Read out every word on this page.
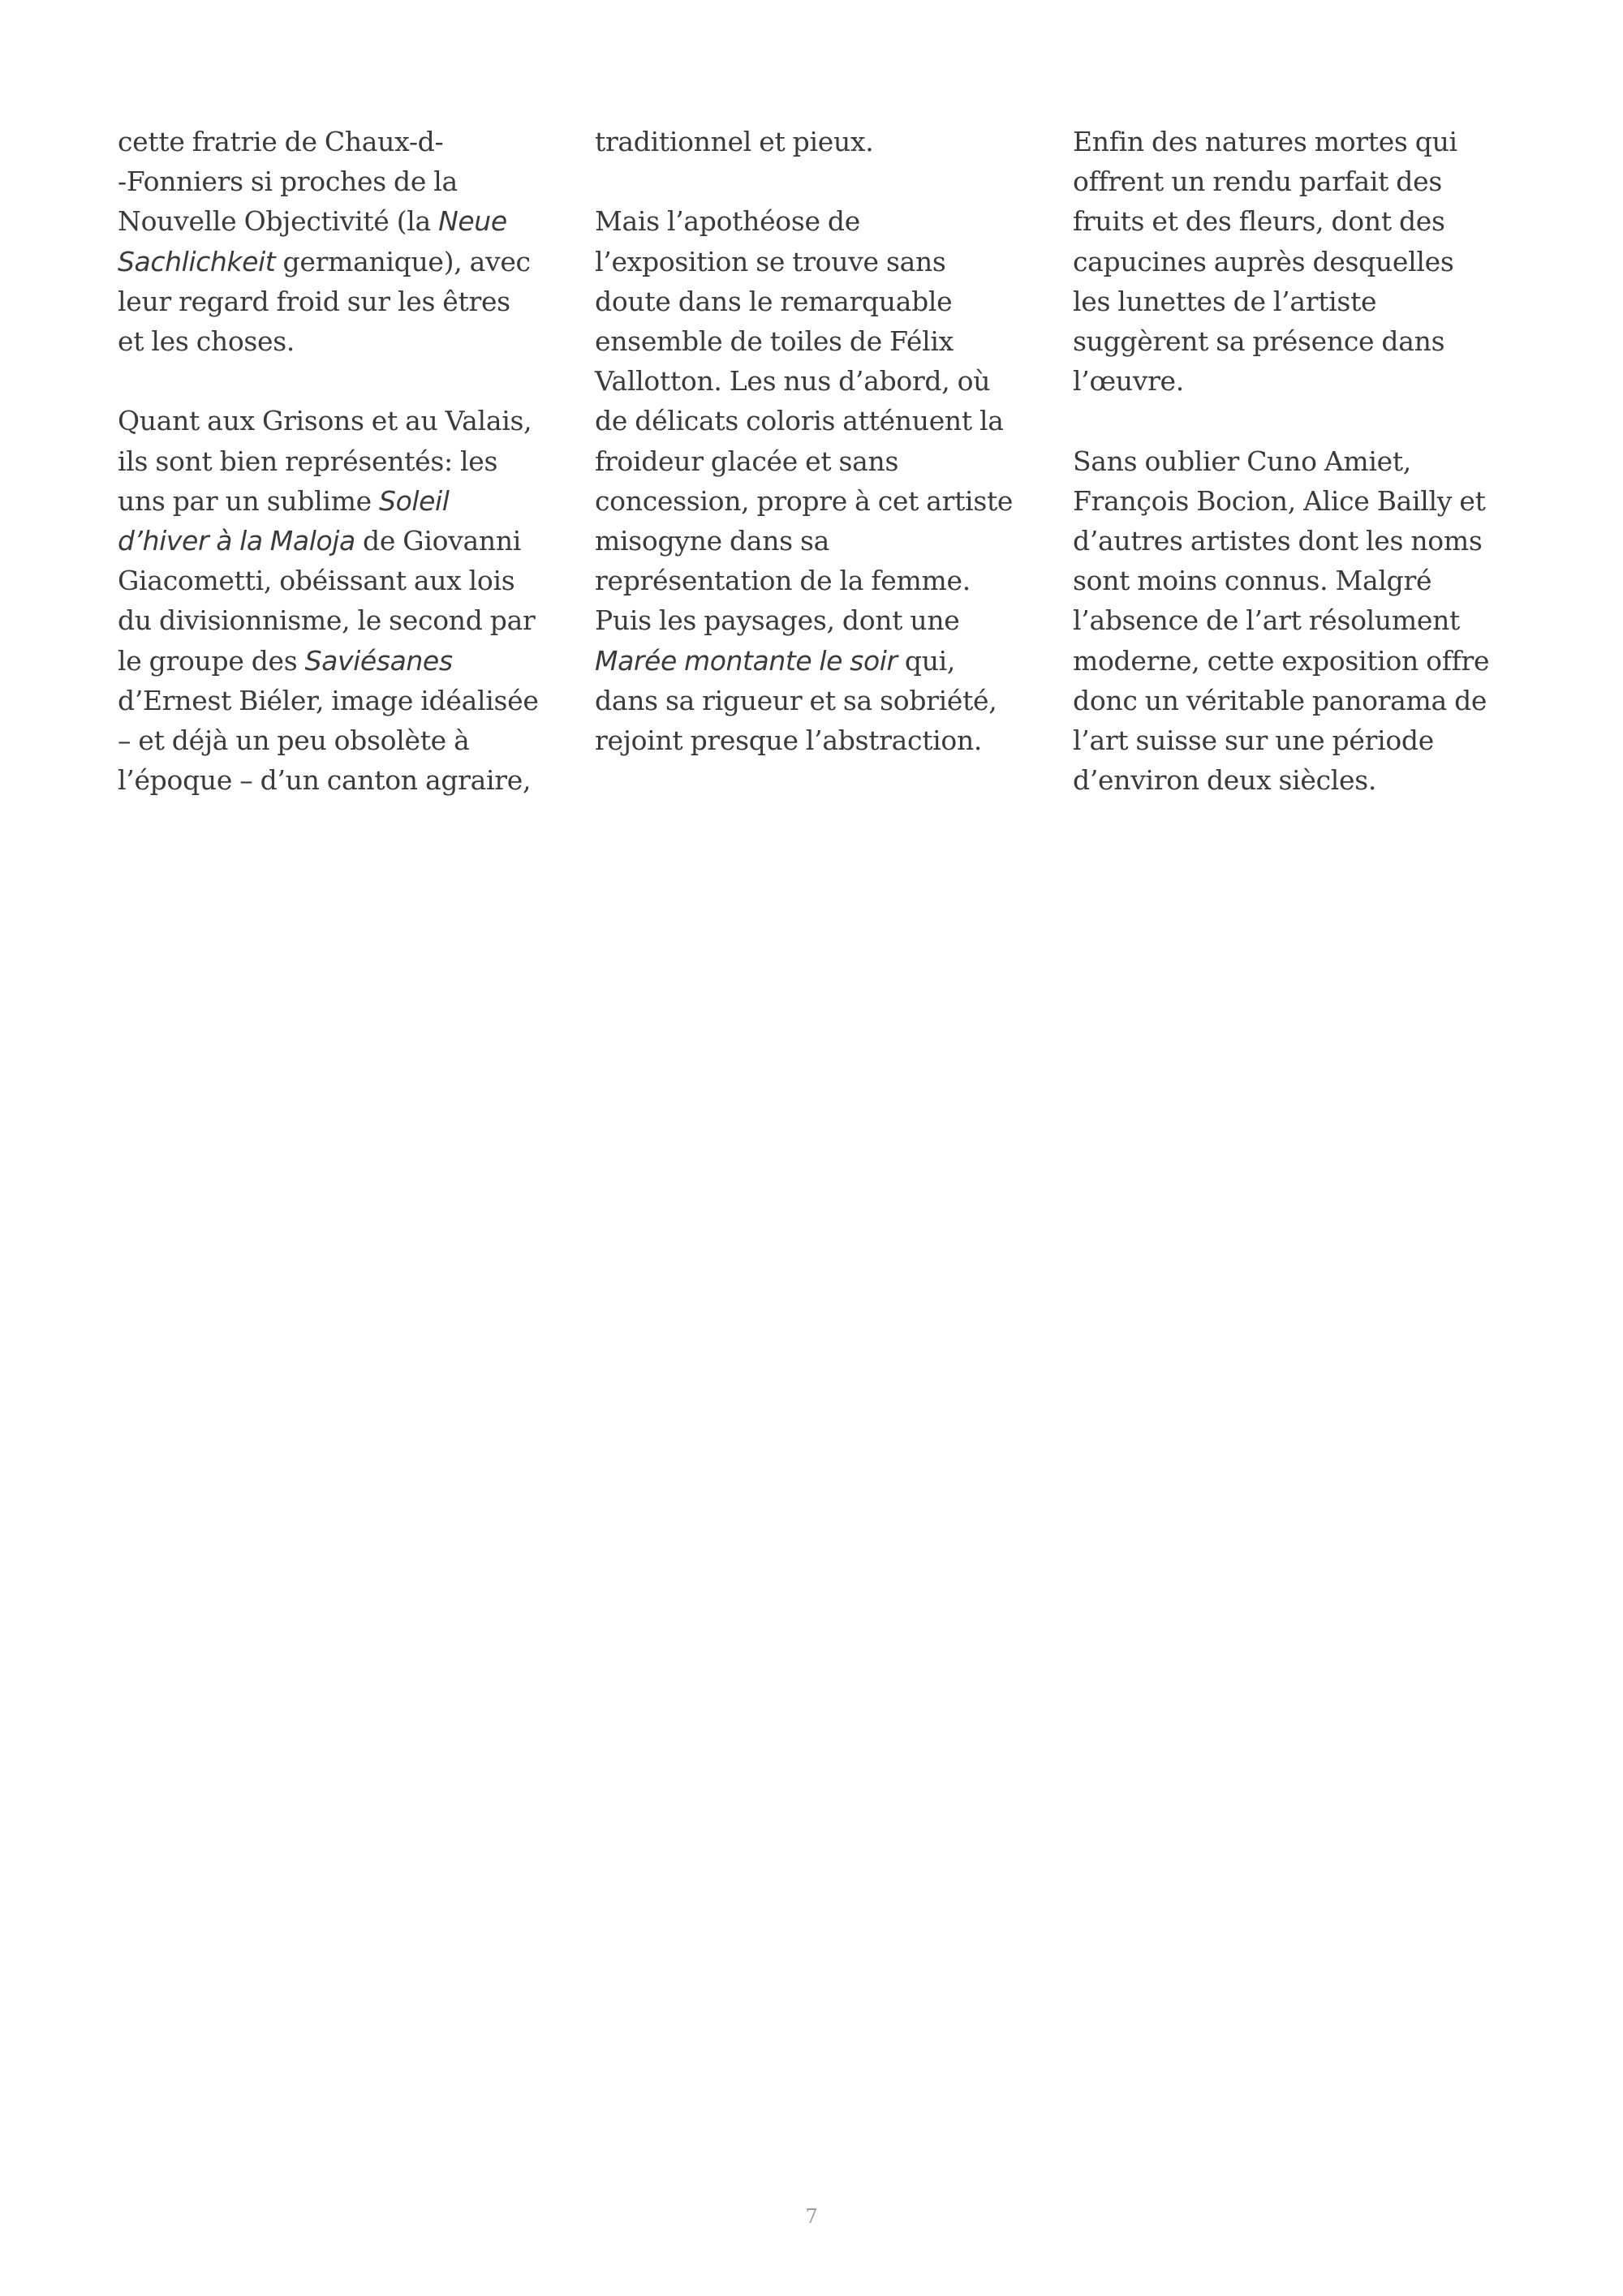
cette fratrie de Chaux-d-
-Fonniers si proches de la
Nouvelle Objectivité (la Neue
Sachlichkeit germanique), avec
leur regard froid sur les êtres
et les choses.

Quant aux Grisons et au Valais,
ils sont bien représentés: les
uns par un sublime Soleil
d’hiver à la Maloja de Giovanni
Giacometti, obéissant aux lois
du divisionnisme, le second par
le groupe des Saviésanes
d’Ernest Biéler, image idéalisée
– et déjà un peu obsolète à
l’époque – d’un canton agraire,

traditionnel et pieux.

Mais l’apothéose de
l’exposition se trouve sans
doute dans le remarquable
ensemble de toiles de Félix
Vallotton. Les nus d’abord, où
de délicats coloris atténuent la
froideur glacée et sans
concession, propre à cet artiste
misogyne dans sa
représentation de la femme.
Puis les paysages, dont une
Marée montante le soir qui,
dans sa rigueur et sa sobriété,
rejoint presque l’abstraction.

Enfin des natures mortes qui
offrent un rendu parfait des
fruits et des fleurs, dont des
capucines auprès desquelles
les lunettes de l’artiste
suggèrent sa présence dans
l’œuvre.

Sans oublier Cuno Amiet,
François Bocion, Alice Bailly et
d’autres artistes dont les noms
sont moins connus. Malgré
l’absence de l’art résolument
moderne, cette exposition offre
donc un véritable panorama de
l’art suisse sur une période
d’environ deux siècles.

7
